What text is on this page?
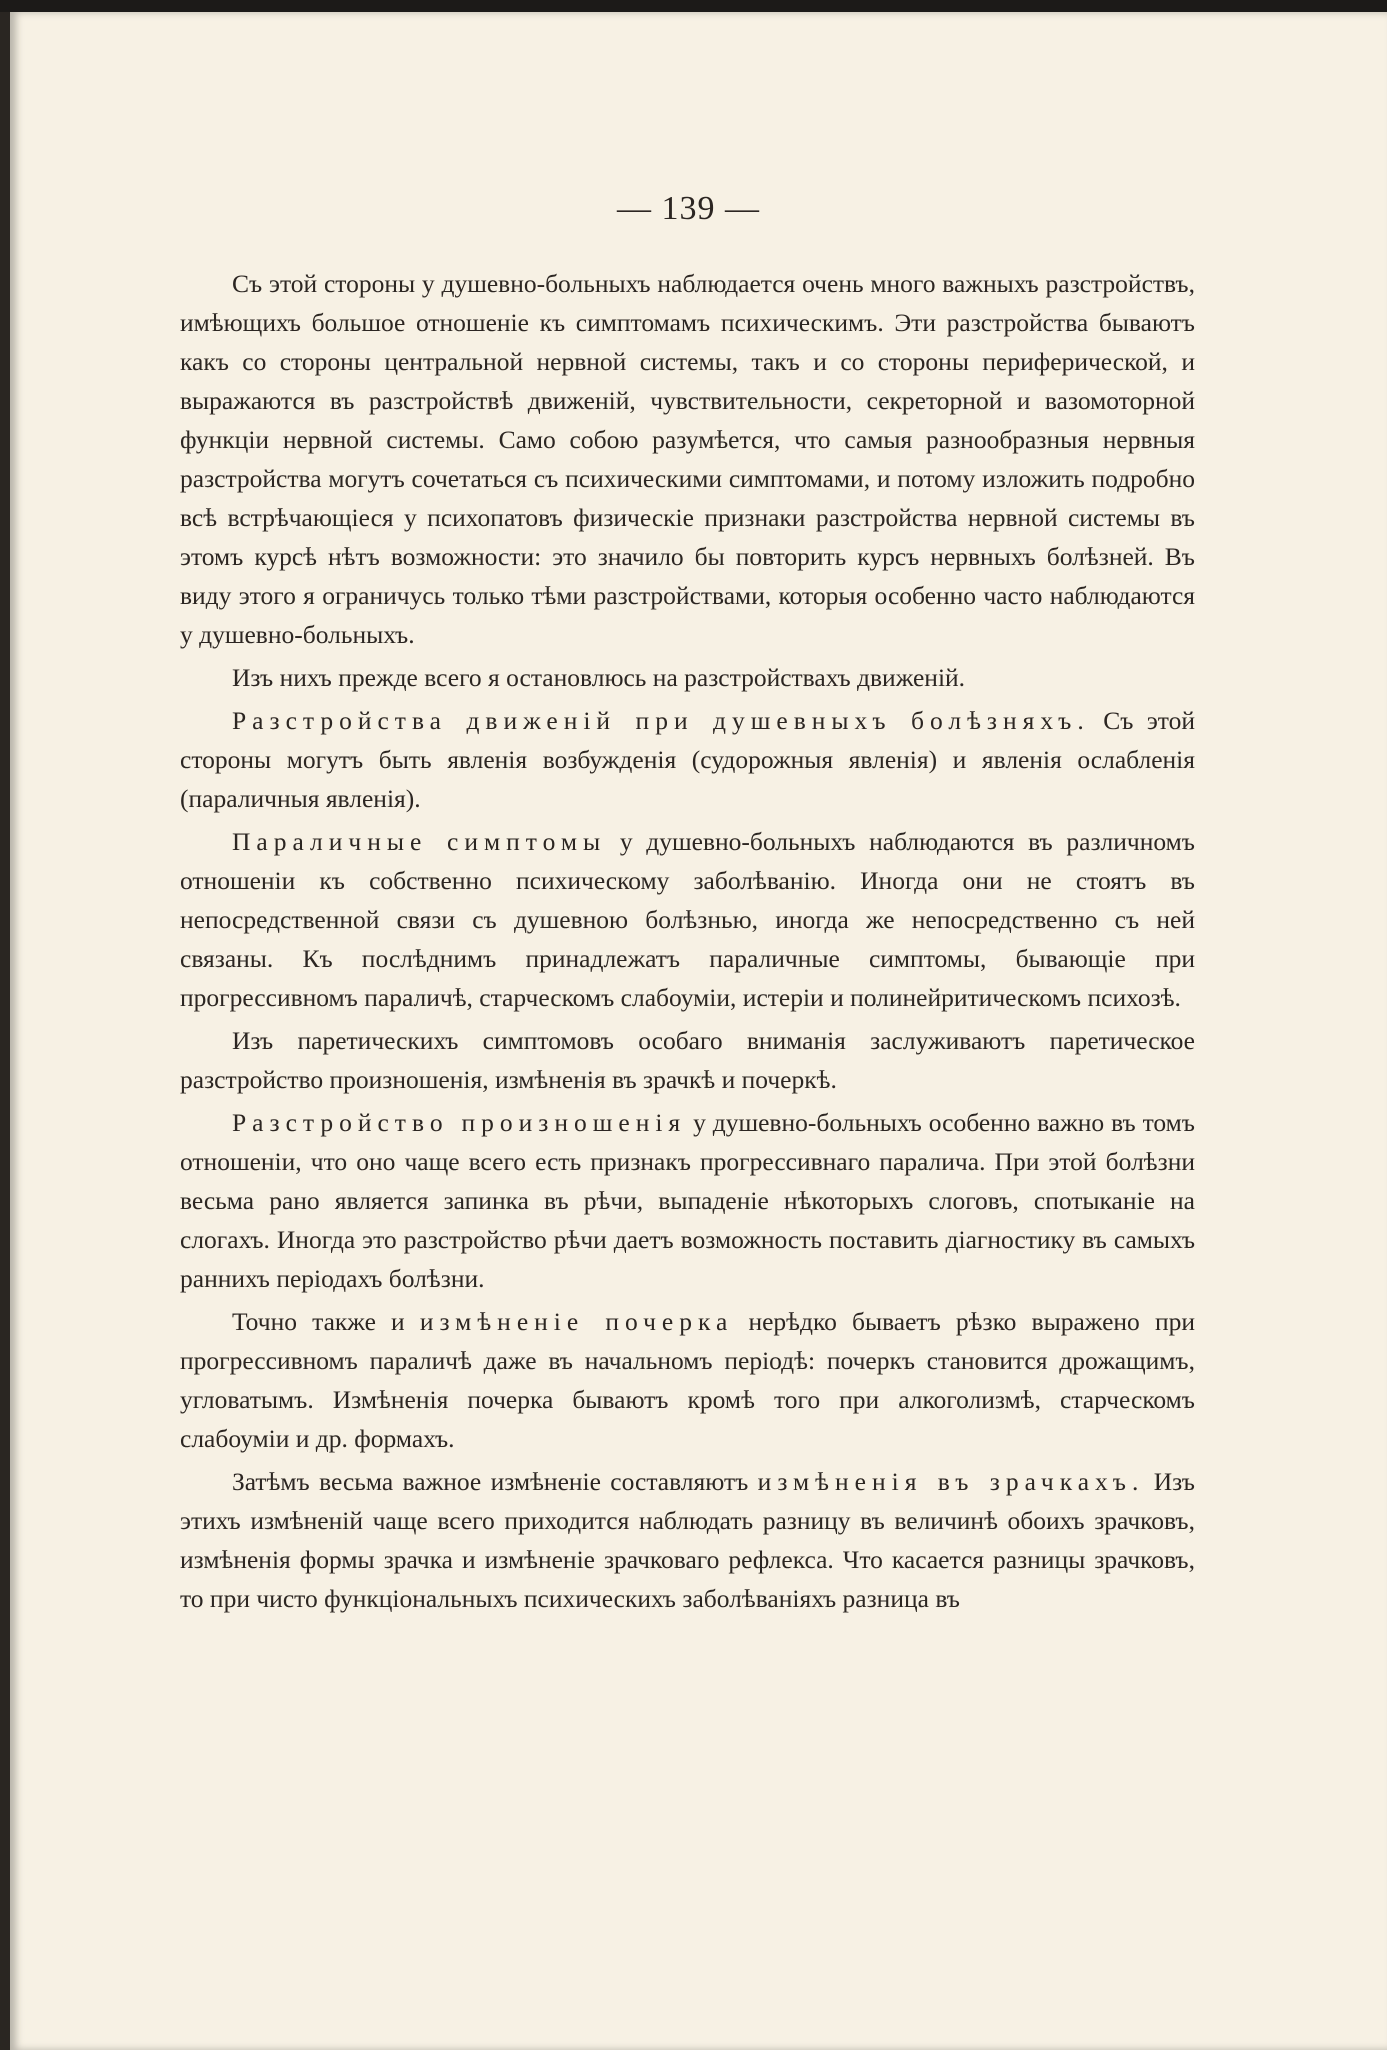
— 139 —

Съ этой стороны у душевно-больныхъ наблюдается очень много важныхъ разстройствъ, имѣющихъ большое отношеніе къ симптомамъ психическимъ. Эти разстройства бываютъ какъ со стороны центральной нервной системы, такъ и со стороны периферической, и выражаются въ разстройствѣ движеній, чувствительности, секреторной и вазомоторной функціи нервной системы. Само собою разумѣется, что самыя разнообразныя нервныя разстройства могутъ сочетаться съ психическими симптомами, и потому изложить подробно всѣ встрѣчающіеся у психопатовъ физическіе признаки разстройства нервной системы въ этомъ курсѣ нѣтъ возможности: это значило бы повторить курсъ нервныхъ болѣзней. Въ виду этого я ограничусь только тѣми разстройствами, которыя особенно часто наблюдаются у душевно-больныхъ.

Изъ нихъ прежде всего я остановлюсь на разстройствахъ движеній.

Разстройства движеній при душевныхъ болѣзняхъ. Съ этой стороны могутъ быть явленія возбужденія (судорожныя явленія) и явленія ослабленія (параличныя явленія).

Параличные симптомы у душевно-больныхъ наблюдаются въ различномъ отношеніи къ собственно психическому заболѣванію. Иногда они не стоятъ въ непосредственной связи съ душевною болѣзнью, иногда же непосредственно съ ней связаны. Къ послѣднимъ принадлежатъ параличные симптомы, бывающіе при прогрессивномъ параличѣ, старческомъ слабоуміи, истеріи и полинейритическомъ психозѣ.

Изъ паретическихъ симптомовъ особаго вниманія заслуживаютъ паретическое разстройство произношенія, измѣненія въ зрачкѣ и почеркѣ.

Разстройство произношенія у душевно-больныхъ особенно важно въ томъ отношеніи, что оно чаще всего есть признакъ прогрессивнаго паралича. При этой болѣзни весьма рано является запинка въ рѣчи, выпаденіе нѣкоторыхъ слоговъ, спотыканіе на слогахъ. Иногда это разстройство рѣчи даетъ возможность поставить діагностику въ самыхъ раннихъ періодахъ болѣзни.

Точно также и измѣненіе почерка нерѣдко бываетъ рѣзко выражено при прогрессивномъ параличѣ даже въ начальномъ періодѣ: почеркъ становится дрожащимъ, угловатымъ. Измѣненія почерка бываютъ кромѣ того при алкоголизмѣ, старческомъ слабоуміи и др. формахъ.

Затѣмъ весьма важное измѣненіе составляютъ измѣненія въ зрачкахъ. Изъ этихъ измѣненій чаще всего приходится наблюдать разницу въ величинѣ обоихъ зрачковъ, измѣненія формы зрачка и измѣненіе зрачковаго рефлекса. Что касается разницы зрачковъ, то при чисто функціональныхъ психическихъ заболѣваніяхъ разница въ
